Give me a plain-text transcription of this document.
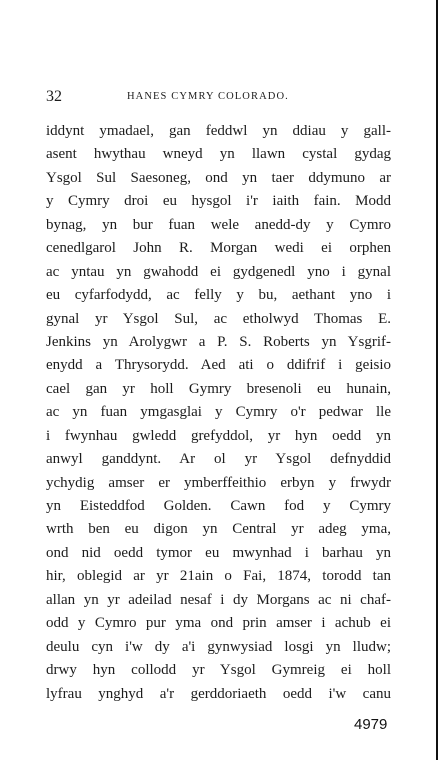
32	HANES CYMRY COLORADO.
iddynt ymadael, gan feddwl yn ddiau y gall-
asent hwythau wneyd yn llawn cystal gydag
Ysgol Sul Saesoneg, ond yn taer ddymuno ar
y Cymry droi eu hysgol i'r iaith fain. Modd
bynag, yn bur fuan wele anedd-dy y Cymro
cenedlgarol John R. Morgan wedi ei orphen
ac yntau yn gwahodd ei gydgenedl yno i gynal
eu cyfarfodydd, ac felly y bu, aethant yno i
gynal yr Ysgol Sul, ac etholwyd Thomas E.
Jenkins yn Arolygwr a P. S. Roberts yn Ysgrif-
enydd a Thrysorydd. Aed ati o ddifrif i geisio
cael gan yr holl Gymry bresenoli eu hunain,
ac yn fuan ymgasglai y Cymry o'r pedwar lle
i fwynhau gwledd grefyddol, yr hyn oedd yn
anwyl ganddynt. Ar ol yr Ysgol defnyddid
ychydig amser er ymberffeithio erbyn y frwydr
yn Eisteddfod Golden. Cawn fod y Cymry
wrth ben eu digon yn Central yr adeg yma,
ond nid oedd tymor eu mwynhad i barhau yn
hir, oblegid ar yr 21ain o Fai, 1874, torodd tan
allan yn yr adeilad nesaf i dy Morgans ac ni chaf-
odd y Cymro pur yma ond prin amser i achub ei
deulu cyn i'w dy a'i gynwysiad losgi yn lludw;
drwy hyn collodd yr Ysgol Gymreig ei holl
lyfrau ynghyd a'r gerddoriaeth oedd i'w canu
4979
